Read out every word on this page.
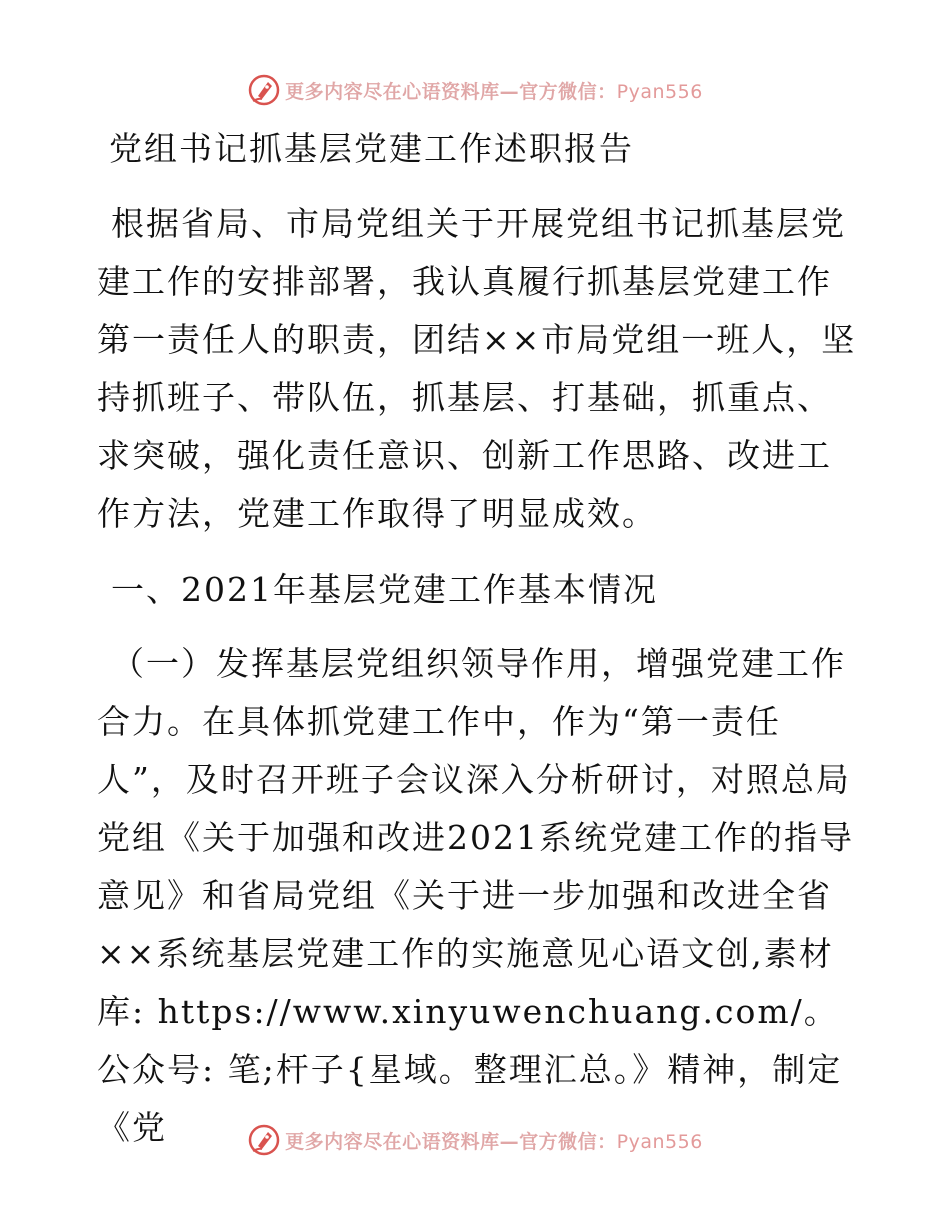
更多内容尽在心语资料库—官方微信：Pyan556
党组书记抓基层党建工作述职报告

根据省局、市局党组关于开展党组书记抓基层党建工作的安排部署，我认真履行抓基层党建工作第一责任人的职责，团结××市局党组一班人，坚持抓班子、带队伍，抓基层、打基础，抓重点、求突破，强化责任意识、创新工作思路、改进工作方法，党建工作取得了明显成效。

一、2021年基层党建工作基本情况

（一）发挥基层党组织领导作用，增强党建工作合力。在具体抓党建工作中，作为“第一责任人”，及时召开班子会议深入分析研讨，对照总局党组《关于加强和改进2021系统党建工作的指导意见》和省局党组《关于进一步加强和改进全省××系统基层党建工作的实施意见心语文创,素材库: https://www.xinyuwenchuang.com/。公众号: 笔;杆子{星域。整理汇总。》精神，制定《党	更多内容尽在心语资料库—官方微信：Pyan556
